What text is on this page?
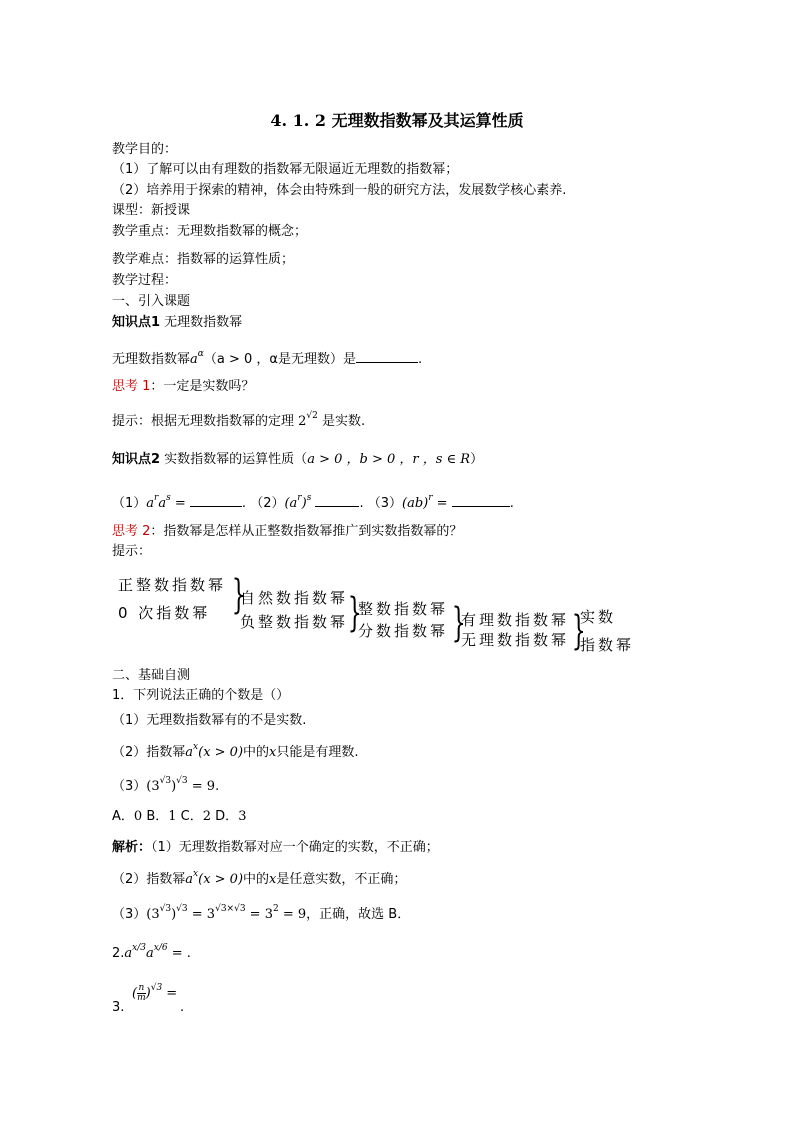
4. 1. 2 无理数指数幂及其运算性质
教学目的：
（1）了解可以由有理数的指数幂无限逼近无理数的指数幂；
（2）培养用于探索的精神，体会由特殊到一般的研究方法，发展数学核心素养.
课型：新授课
教学重点：无理数指数幂的概念；
教学难点：指数幂的运算性质；
教学过程：
一、引入课题
知识点1 无理数指数幂
无理数指数幂$a^\alpha(a > 0$ ，α是无理数）是	.
思考 1：一定是实数吗？
提示：根据无理数指数幂的定理 $2^{√2}$ 是实数.
知识点2 实数指数幂的运算性质（a > 0 ，b > 0 ，r ，s ∈ R）
$(1)a^ra^s$ =	. $(2)(a^r)^s$	. （3）(ab)$^r$ =	.
思考 2：指数幂是怎样从正整数指数幂推广到实数指数幂的？
提示：
正整数指数幂
0 次指数幂 }
自然数指数幂
负整数指数幂 }
整数指数幂
分数指数幂 }
有理数指数幂
无理数指数幂 }
实数
指数幂
二、基础自测
1．下列说法正确的个数是（）
（1）无理数指数幂有的不是实数.
（2）指数幂$a^x(x > 0)$中的x只能是有理数.
$(3)(3^{√3})^{√3} = 9$.
A．0 B．1 C．2 D．3
解析：（1）无理数指数幂对应一个确定的实数，不正确；
（2）指数幂$a^x(x > 0)$中的x是任意实数，不正确；
$(3)(3^{√3})^{√3} = 3^{√3\times√3} = 3^2 = 9$，正确，故选 B．
$2.a^{x/3}a^{x/6}$ = .
3.
( $\frac{n}{m} )^{√3}$ =
.
